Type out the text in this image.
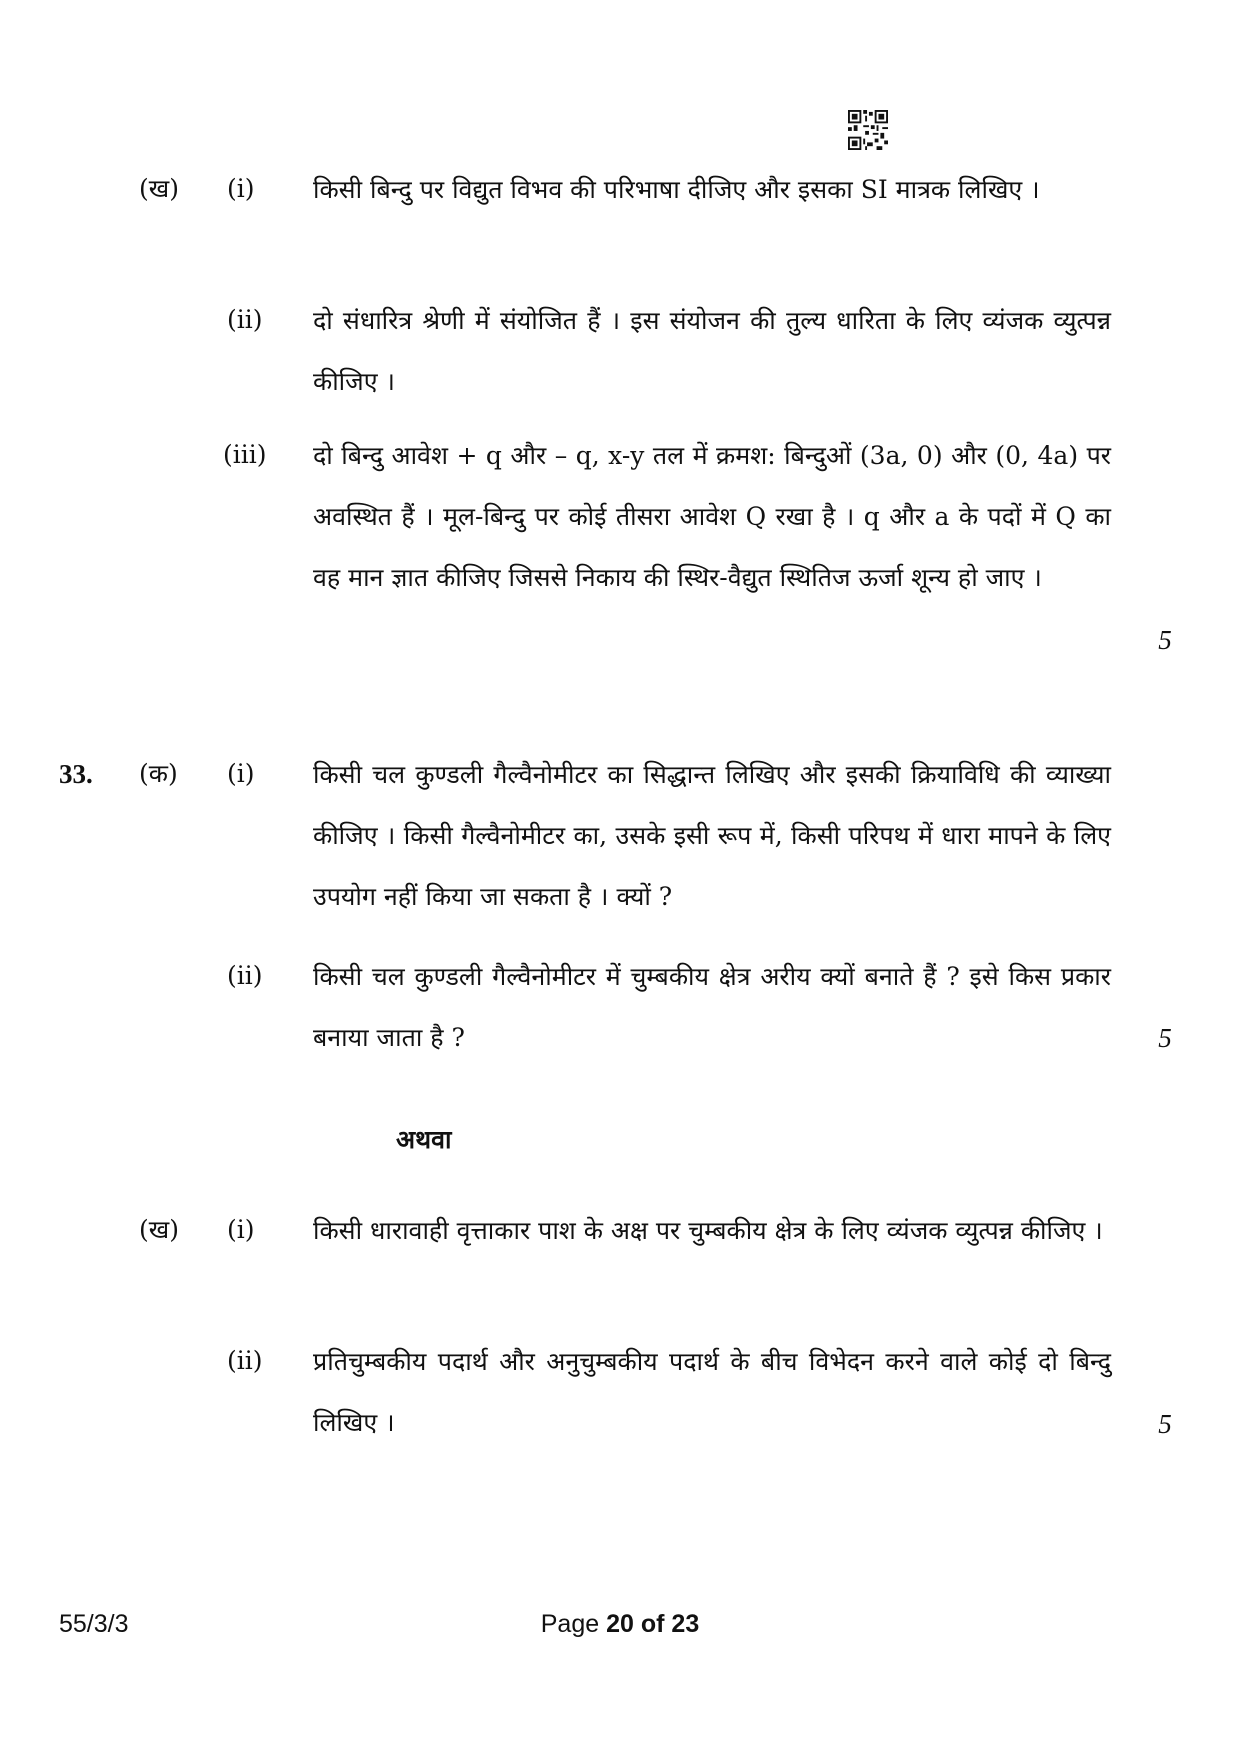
(ख) (i) किसी बिन्दु पर विद्युत विभव की परिभाषा दीजिए और इसका SI मात्रक लिखिए ।
(ii) दो संधारित्र श्रेणी में संयोजित हैं । इस संयोजन की तुल्य धारिता के लिए व्यंजक व्युत्पन्न कीजिए ।
(iii) दो बिन्दु आवेश + q और – q, x-y तल में क्रमश: बिन्दुओं (3a, 0) और (0, 4a) पर अवस्थित हैं । मूल-बिन्दु पर कोई तीसरा आवेश Q रखा है । q और a के पदों में Q का वह मान ज्ञात कीजिए जिससे निकाय की स्थिर-वैद्युत स्थितिज ऊर्जा शून्य हो जाए ।
5
33. (क) (i) किसी चल कुण्डली गैल्वैनोमीटर का सिद्धान्त लिखिए और इसकी क्रियाविधि की व्याख्या कीजिए । किसी गैल्वैनोमीटर का, उसके इसी रूप में, किसी परिपथ में धारा मापने के लिए उपयोग नहीं किया जा सकता है । क्यों ?
(ii) किसी चल कुण्डली गैल्वैनोमीटर में चुम्बकीय क्षेत्र अरीय क्यों बनाते हैं ? इसे किस प्रकार बनाया जाता है ?	5
अथवा
(ख) (i) किसी धारावाही वृत्ताकार पाश के अक्ष पर चुम्बकीय क्षेत्र के लिए व्यंजक व्युत्पन्न कीजिए ।
(ii) प्रतिचुम्बकीय पदार्थ और अनुचुम्बकीय पदार्थ के बीच विभेदन करने वाले कोई दो बिन्दु लिखिए ।	5
55/3/3	Page 20 of 23
